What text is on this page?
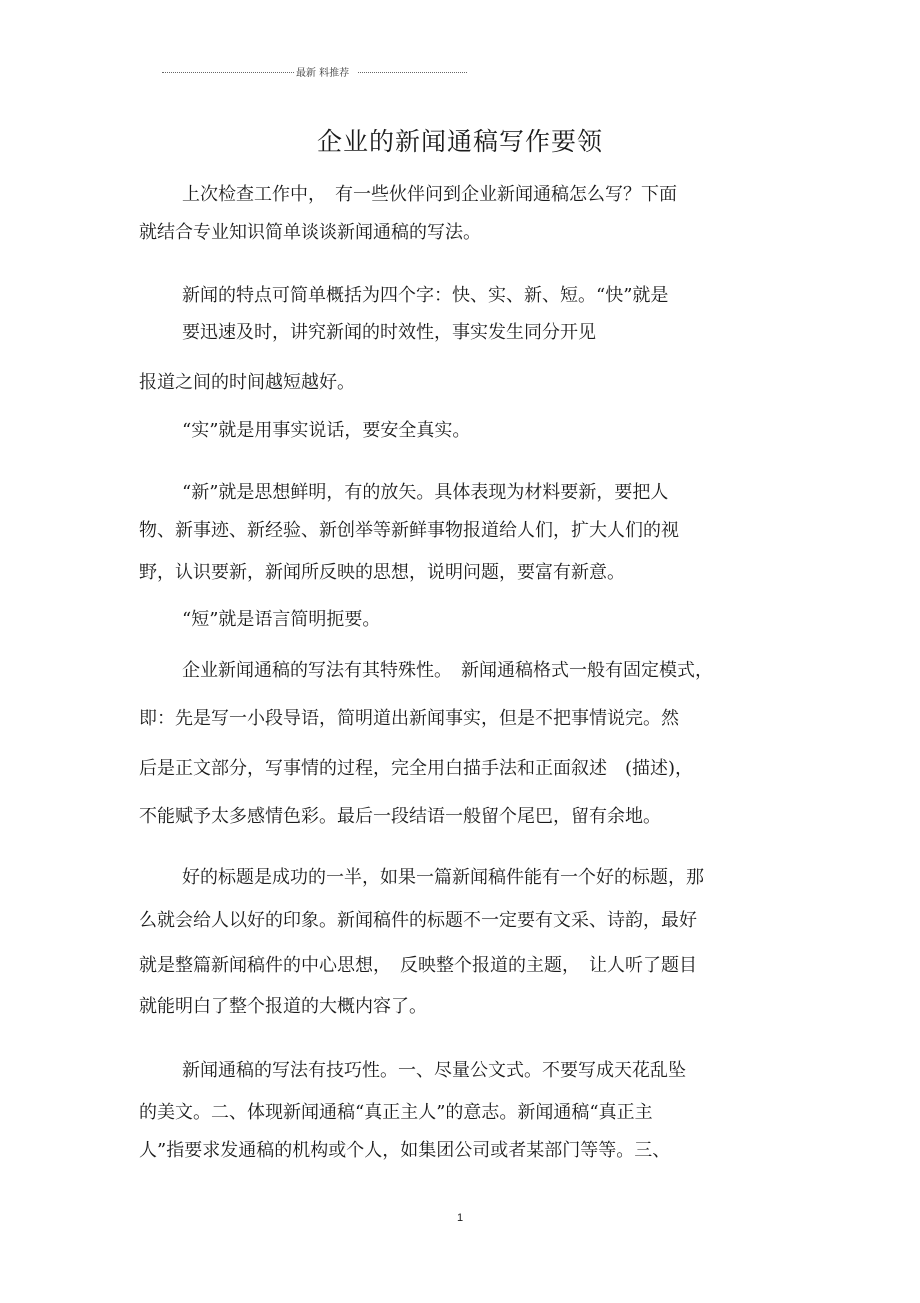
最新 料推荐
企业的新闻通稿写作要领
上次检查工作中，　有一些伙伴问到企业新闻通稿怎么写？下面
就结合专业知识简单谈谈新闻通稿的写法。
新闻的特点可简单概括为四个字：快、实、新、短。“快”就是
要迅速及时，讲究新闻的时效性，事实发生同分开见
报道之间的时间越短越好。
“实”就是用事实说话，要安全真实。
“新”就是思想鲜明，有的放矢。具体表现为材料要新，要把人
物、新事迹、新经验、新创举等新鲜事物报道给人们，扩大人们的视
野，认识要新，新闻所反映的思想，说明问题，要富有新意。
“短”就是语言简明扼要。
企业新闻通稿的写法有其特殊性。　新闻通稿格式一般有固定模式，
即：先是写一小段导语，简明道出新闻事实，但是不把事情说完。然
后是正文部分，写事情的过程，完全用白描手法和正面叙述　(描述)，
不能赋予太多感情色彩。最后一段结语一般留个尾巴，留有余地。
好的标题是成功的一半，如果一篇新闻稿件能有一个好的标题，那
么就会给人以好的印象。新闻稿件的标题不一定要有文采、诗韵，最好
就是整篇新闻稿件的中心思想，　反映整个报道的主题，　让人听了题目
就能明白了整个报道的大概内容了。
新闻通稿的写法有技巧性。一、尽量公文式。不要写成天花乱坠
的美文。二、体现新闻通稿“真正主人”的意志。新闻通稿“真正主
人”指要求发通稿的机构或个人，如集团公司或者某部门等等。三、
1
